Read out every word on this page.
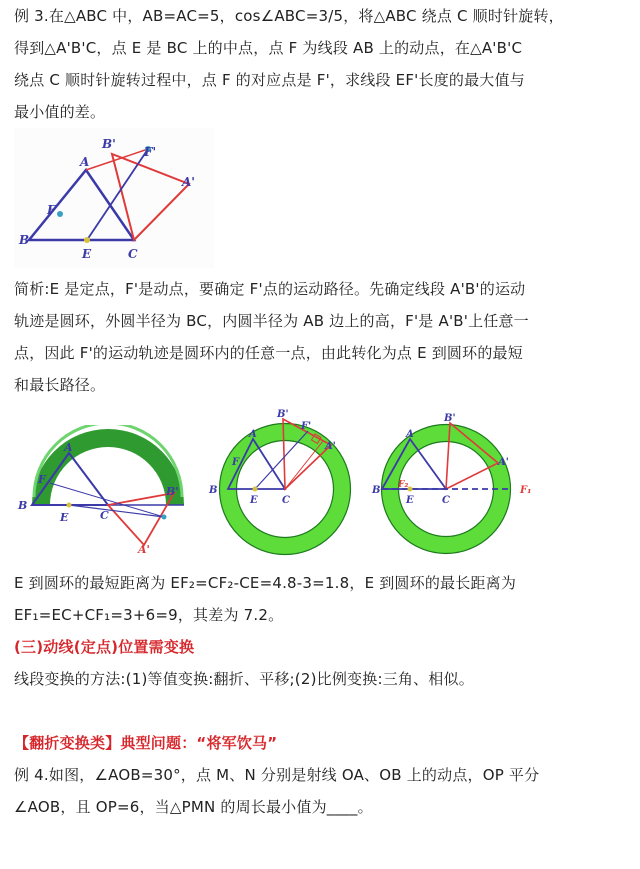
例 3.在△ABC 中，AB=AC=5，cos∠ABC=3/5，将△ABC 绕点 C 顺时针旋转，
得到△A'B'C，点 E 是 BC 上的中点，点 F 为线段 AB 上的动点，在△A'B'C
绕点 C 顺时针旋转过程中，点 F 的对应点是 F'，求线段 EF'长度的最大值与
最小值的差。
B'
F'
A
A'
F
B
E	C
简析:E 是定点，F'是动点，要确定 F'点的运动路径。先确定线段 A'B'的运动
轨迹是圆环，外圆半径为 BC，内圆半径为 AB 边上的高，F'是 A'B'上任意一
点，因此 F'的运动轨迹是圆环内的任意一点，由此转化为点 E 到圆环的最短
和最长路径。
A
F
B
E	C
B'
A'
B'
F'
A
F
A'
B
E C
B'
A
A'
F₂	F₁
B
E	C
E 到圆环的最短距离为 EF₂=CF₂-CE=4.8-3=1.8，E 到圆环的最长距离为
EF₁=EC+CF₁=3+6=9，其差为 7.2。
(三)动线(定点)位置需变换
线段变换的方法:(1)等值变换:翻折、平移;(2)比例变换:三角、相似。
【翻折变换类】典型问题：“将军饮马”
例 4.如图，∠AOB=30°，点 M、N 分别是射线 OA、OB 上的动点，OP 平分
∠AOB，且 OP=6，当△PMN 的周长最小值为____。
